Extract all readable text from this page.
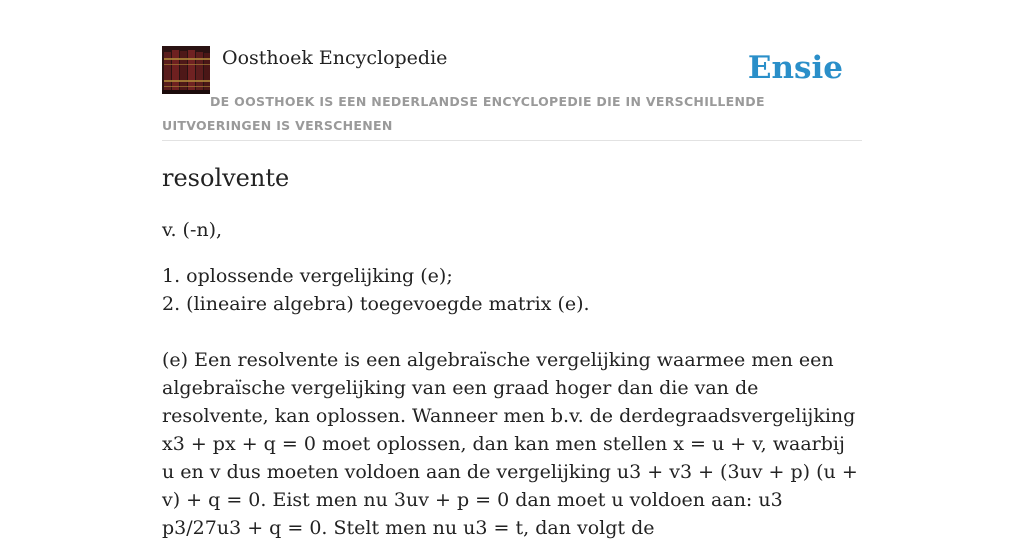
Oosthoek Encyclopedie	Ensie
DE OOSTHOEK IS EEN NEDERLANDSE ENCYCLOPEDIE DIE IN VERSCHILLENDE UITVOERINGEN IS VERSCHENEN
resolvente

v. (-n),

1. oplossende vergelijking (e);
2. (lineaire algebra) toegevoegde matrix (e).

(e) Een resolvente is een algebraïsche vergelijking waarmee men een algebraïsche vergelijking van een graad hoger dan die van de resolvente, kan oplossen. Wanneer men b.v. de derdegraadsvergelijking x3 + px + q = 0 moet oplossen, dan kan men stellen x = u + v, waarbij u en v dus moeten voldoen aan de vergelijking u3 + v3 + (3uv + p) (u + v) + q = 0. Eist men nu 3uv + p = 0 dan moet u voldoen aan: u3 p3/27u3 + q = 0. Stelt men nu u3 = t, dan volgt de
